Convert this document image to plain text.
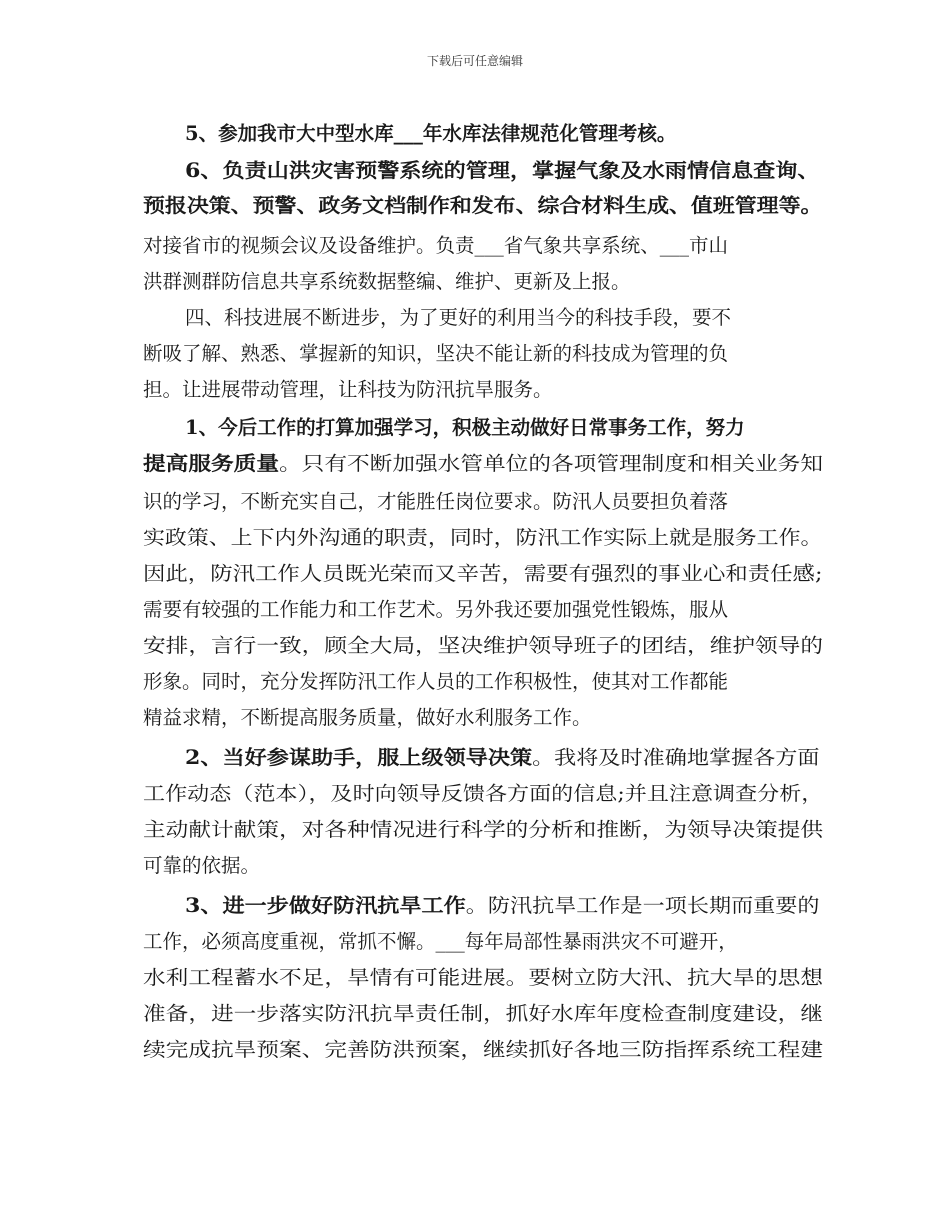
下载后可任意编辑
5、参加我市大中型水库___年水库法律规范化管理考核。
6、负责山洪灾害预警系统的管理，掌握气象及水雨情信息查询、
预报决策、预警、政务文档制作和发布、综合材料生成、值班管理等。
对接省市的视频会议及设备维护。负责___省气象共享系统、___市山
洪群测群防信息共享系统数据整编、维护、更新及上报。
四、科技进展不断进步，为了更好的利用当今的科技手段，要不
断吸了解、熟悉、掌握新的知识，坚决不能让新的科技成为管理的负
担。让进展带动管理，让科技为防汛抗旱服务。
1、今后工作的打算加强学习，积极主动做好日常事务工作，努力
提高服务质量。只有不断加强水管单位的各项管理制度和相关业务知
识的学习，不断充实自己，才能胜任岗位要求。防汛人员要担负着落
实政策、上下内外沟通的职责，同时，防汛工作实际上就是服务工作。
因此，防汛工作人员既光荣而又辛苦，需要有强烈的事业心和责任感;
需要有较强的工作能力和工作艺术。另外我还要加强党性锻炼，服从
安排，言行一致，顾全大局，坚决维护领导班子的团结，维护领导的
形象。同时，充分发挥防汛工作人员的工作积极性，使其对工作都能
精益求精，不断提高服务质量，做好水利服务工作。
2、当好参谋助手，服上级领导决策。我将及时准确地掌握各方面
工作动态（范本），及时向领导反馈各方面的信息;并且注意调查分析，
主动献计献策，对各种情况进行科学的分析和推断，为领导决策提供
可靠的依据。
3、进一步做好防汛抗旱工作。防汛抗旱工作是一项长期而重要的
工作，必须高度重视，常抓不懈。___每年局部性暴雨洪灾不可避开，
水利工程蓄水不足，旱情有可能进展。要树立防大汛、抗大旱的思想
准备，进一步落实防汛抗旱责任制，抓好水库年度检查制度建设，继
续完成抗旱预案、完善防洪预案，继续抓好各地三防指挥系统工程建
